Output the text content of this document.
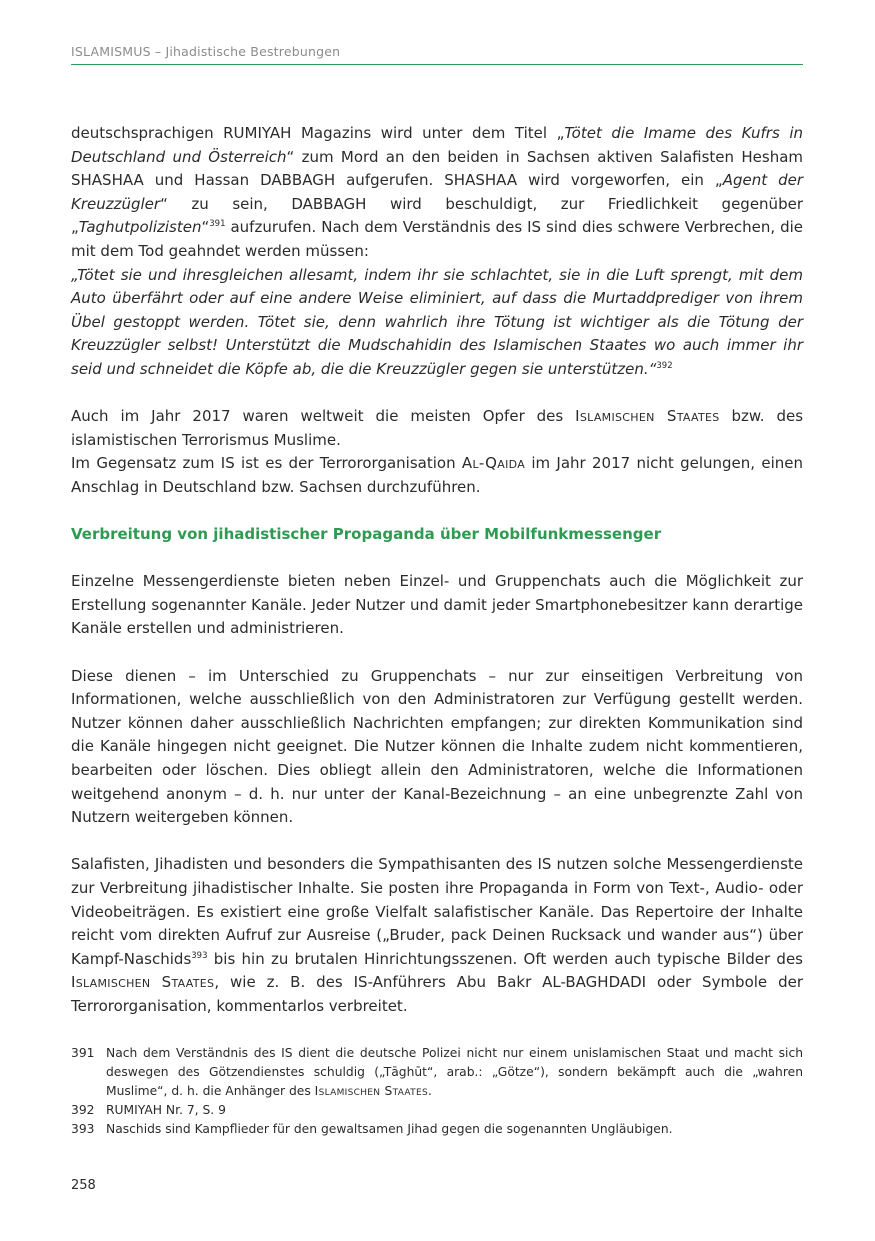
ISLAMISMUS – Jihadistische Bestrebungen

deutschsprachigen RUMIYAH Magazins wird unter dem Titel „Tötet die Imame des Kufrs in Deutschland und Österreich“ zum Mord an den beiden in Sachsen aktiven Salafisten Hesham SHASHAA und Hassan DABBAGH aufgerufen. SHASHAA wird vorgeworfen, ein „Agent der Kreuzzügler“ zu sein, DABBAGH wird beschuldigt, zur Friedlichkeit gegenüber „Taghutpolizisten“$^{391}$ aufzurufen. Nach dem Verständnis des IS sind dies schwere Verbrechen, die mit dem Tod geahndet werden müssen:

„Tötet sie und ihresgleichen allesamt, indem ihr sie schlachtet, sie in die Luft sprengt, mit dem Auto überfährt oder auf eine andere Weise eliminiert, auf dass die Murtaddprediger von ihrem Übel gestoppt werden. Tötet sie, denn wahrlich ihre Tötung ist wichtiger als die Tötung der Kreuzzügler selbst! Unterstützt die Mudschahidin des Islamischen Staates wo auch immer ihr seid und schneidet die Köpfe ab, die die Kreuzzügler gegen sie unterstützen.“$^{392}$

Auch im Jahr 2017 waren weltweit die meisten Opfer des Islamischen Staates bzw. des islamistischen Terrorismus Muslime.

Im Gegensatz zum IS ist es der Terrororganisation Al-Qaida im Jahr 2017 nicht gelungen, einen Anschlag in Deutschland bzw. Sachsen durchzuführen.

Verbreitung von jihadistischer Propaganda über Mobilfunkmessenger

Einzelne Messengerdienste bieten neben Einzel- und Gruppenchats auch die Möglichkeit zur Erstellung sogenannter Kanäle. Jeder Nutzer und damit jeder Smartphonebesitzer kann derartige Kanäle erstellen und administrieren.

Diese dienen – im Unterschied zu Gruppenchats – nur zur einseitigen Verbreitung von Informationen, welche ausschließlich von den Administratoren zur Verfügung gestellt werden. Nutzer können daher ausschließlich Nachrichten empfangen; zur direkten Kommunikation sind die Kanäle hingegen nicht geeignet. Die Nutzer können die Inhalte zudem nicht kommentieren, bearbeiten oder löschen. Dies obliegt allein den Administratoren, welche die Informationen weitgehend anonym – d. h. nur unter der Kanal-Bezeichnung – an eine unbegrenzte Zahl von Nutzern weitergeben können.

Salafisten, Jihadisten und besonders die Sympathisanten des IS nutzen solche Messengerdienste zur Verbreitung jihadistischer Inhalte. Sie posten ihre Propaganda in Form von Text-, Audio- oder Videobeiträgen. Es existiert eine große Vielfalt salafistischer Kanäle. Das Repertoire der Inhalte reicht vom direkten Aufruf zur Ausreise („Bruder, pack Deinen Rucksack und wander aus“) über Kampf-Naschids$^{393}$ bis hin zu brutalen Hinrichtungsszenen. Oft werden auch typische Bilder des Islamischen Staates, wie z. B. des IS-Anführers Abu Bakr AL-BAGHDADI oder Symbole der Terrororganisation, kommentarlos verbreitet.

391 Nach dem Verständnis des IS dient die deutsche Polizei nicht nur einem unislamischen Staat und macht sich deswegen des Götzendienstes schuldig („Tāghūt“, arab.: „Götze“), sondern bekämpft auch die „wahren Muslime“, d. h. die Anhänger des Islamischen Staates.
392 RUMIYAH Nr. 7, S. 9
393 Naschids sind Kampflieder für den gewaltsamen Jihad gegen die sogenannten Ungläubigen.
258
